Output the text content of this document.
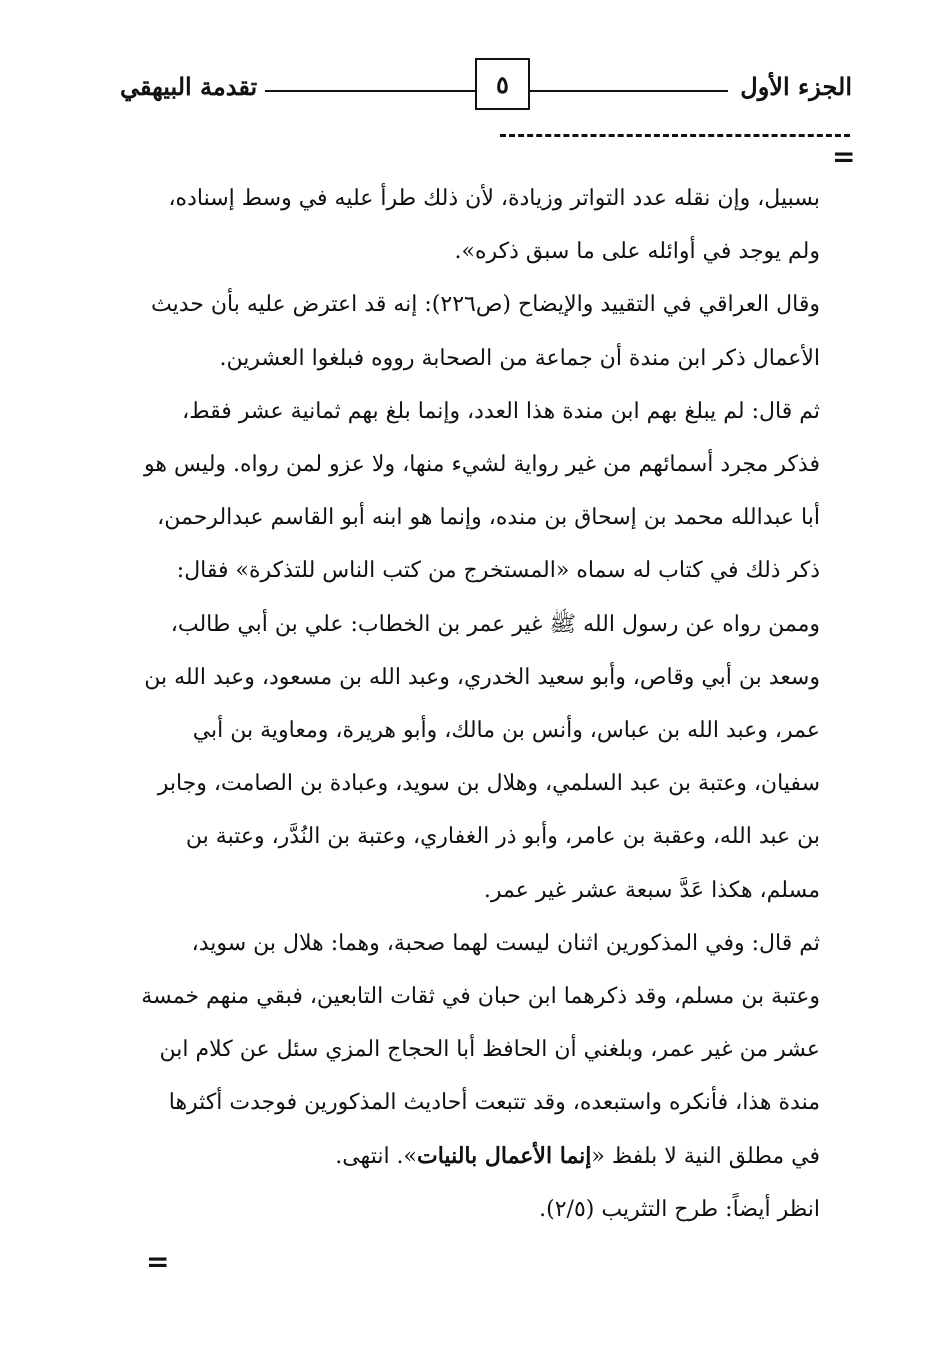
الجزء الأول
٥
تقدمة البيهقي
=

بسبيل، وإن نقله عدد التواتر وزيادة، لأن ذلك طرأ عليه في وسط إسناده، ولم يوجد في أوائله على ما سبق ذكره».

وقال العراقي في التقييد والإيضاح (ص٢٢٦): إنه قد اعترض عليه بأن حديث الأعمال ذكر ابن مندة أن جماعة من الصحابة رووه فبلغوا العشرين.

ثم قال: لم يبلغ بهم ابن مندة هذا العدد، وإنما بلغ بهم ثمانية عشر فقط، فذكر مجرد أسمائهم من غير رواية لشيء منها، ولا عزو لمن رواه. وليس هو أبا عبدالله محمد بن إسحاق بن منده، وإنما هو ابنه أبو القاسم عبدالرحمن، ذكر ذلك في كتاب له سماه «المستخرج من كتب الناس للتذكرة» فقال: وممن رواه عن رسول الله ﷺ غير عمر بن الخطاب: علي بن أبي طالب، وسعد بن أبي وقاص، وأبو سعيد الخدري، وعبد الله بن مسعود، وعبد الله بن عمر، وعبد الله بن عباس، وأنس بن مالك، وأبو هريرة، ومعاوية بن أبي سفيان، وعتبة بن عبد السلمي، وهلال بن سويد، وعبادة بن الصامت، وجابر بن عبد الله، وعقبة بن عامر، وأبو ذر الغفاري، وعتبة بن النُدَّر، وعتبة بن مسلم، هكذا عَدَّ سبعة عشر غير عمر.

ثم قال: وفي المذكورين اثنان ليست لهما صحبة، وهما: هلال بن سويد، وعتبة بن مسلم، وقد ذكرهما ابن حبان في ثقات التابعين، فبقي منهم خمسة عشر من غير عمر، وبلغني أن الحافظ أبا الحجاج المزي سئل عن كلام ابن مندة هذا، فأنكره واستبعده، وقد تتبعت أحاديث المذكورين فوجدت أكثرها في مطلق النية لا بلفظ «إنما الأعمال بالنيات». انتهى.

انظر أيضاً: طرح التثريب (٢/٥).

=
